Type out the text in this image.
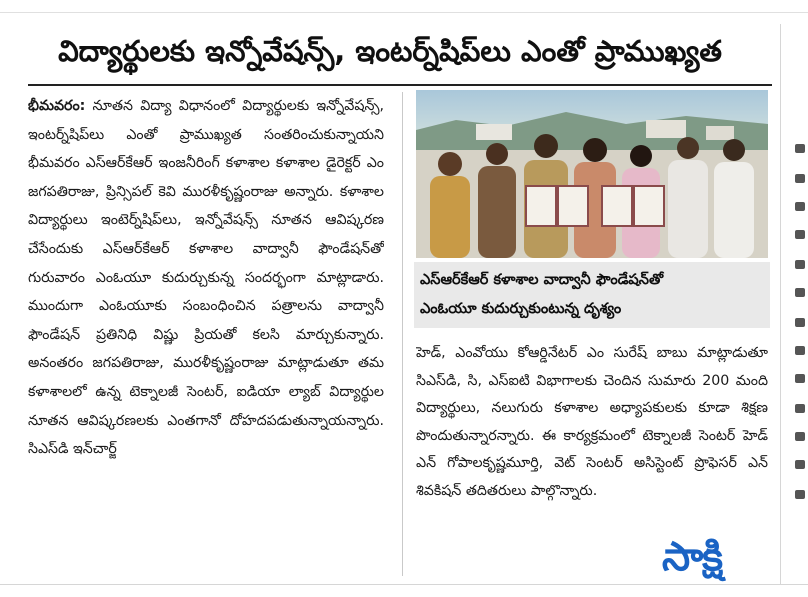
విద్యార్థులకు ఇన్నోవేషన్స్, ఇంటర్న్‌షిప్‌లు ఎంతో ప్రాముఖ్యత
భీమవరం: నూతన విద్యా విధానంలో విద్యార్థులకు ఇన్నోవేషన్స్, ఇంటర్న్‌షిప్‌లు ఎంతో ప్రాముఖ్యత సంతరించుకున్నాయని భీమవరం ఎస్ఆర్‌కేఆర్ ఇంజనీరింగ్ కళాశాల కళాశాల డైరెక్టర్ ఎం జగపతిరాజు, ప్రిన్సిపల్ కెవి మురళీకృష్ణంరాజు అన్నారు. కళాశాల విద్యార్థులు ఇంటెర్న్‌షిప్‌లు, ఇన్నోవేషన్స్ నూతన ఆవిష్కరణ చేసేందుకు ఎస్ఆర్‌కేఆర్ కళాశాల వాద్వానీ ఫౌండేషన్‌తో గురువారం ఎంఓయూ కుదుర్చుకున్న సందర్భంగా మాట్లాడారు. ముందుగా ఎంఓయూకు సంబంధించిన పత్రాలను వాద్వానీ ఫౌండేషన్ ప్రతినిధి విష్ణు ప్రియతో కలసి మార్చుకున్నారు. అనంతరం జగపతిరాజు, మురళీకృష్ణంరాజు మాట్లాడుతూ తమ కళాశాలలో ఉన్న టెక్నాలజీ సెంటర్, ఐడియా ల్యాబ్ విద్యార్థుల నూతన ఆవిష్కరణలకు ఎంతగానో దోహదపడుతున్నాయన్నారు. సిఎస్‌డి ఇన్‌చార్జ్
ఎస్ఆర్‌కేఆర్ కళాశాల వాద్వానీ ఫౌండేషన్‌తో
ఎంఓయూ కుదుర్చుకుంటున్న దృశ్యం
హెడ్, ఎంవోయు కోఆర్డినేటర్ ఎం సురేష్ బాబు మాట్లాడుతూ సిఎస్‌డి, సి, ఎస్ఐటి విభాగాలకు చెందిన సుమారు 200 మంది విద్యార్థులు, నలుగురు కళాశాల అధ్యాపకులకు కూడా శిక్షణ పొందుతున్నారన్నారు. ఈ కార్యక్రమంలో టెక్నాలజీ సెంటర్ హెడ్ ఎన్ గోపాలకృష్ణమూర్తి, వెట్ సెంటర్ అసిస్టెంట్ ప్రొఫెసర్ ఎన్ శివకిషన్ తదితరులు పాల్గొన్నారు.
సాక్షి
